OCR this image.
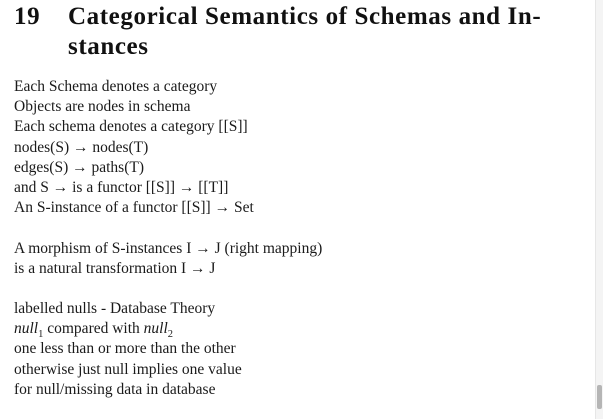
19 Categorical Semantics of Schemas and In-
stances
Each Schema denotes a category
Objects are nodes in schema
Each schema denotes a category [[S]]
nodes(S) → nodes(T)
edges(S) → paths(T)
and S → is a functor [[S]] → [[T]]
An S-instance of a functor [[S]] → Set
A morphism of S-instances I → J (right mapping)
is a natural transformation I → J
labelled nulls - Database Theory
null$_1$ compared with null$_2$
one less than or more than the other
otherwise just null implies one value
for null/missing data in database
